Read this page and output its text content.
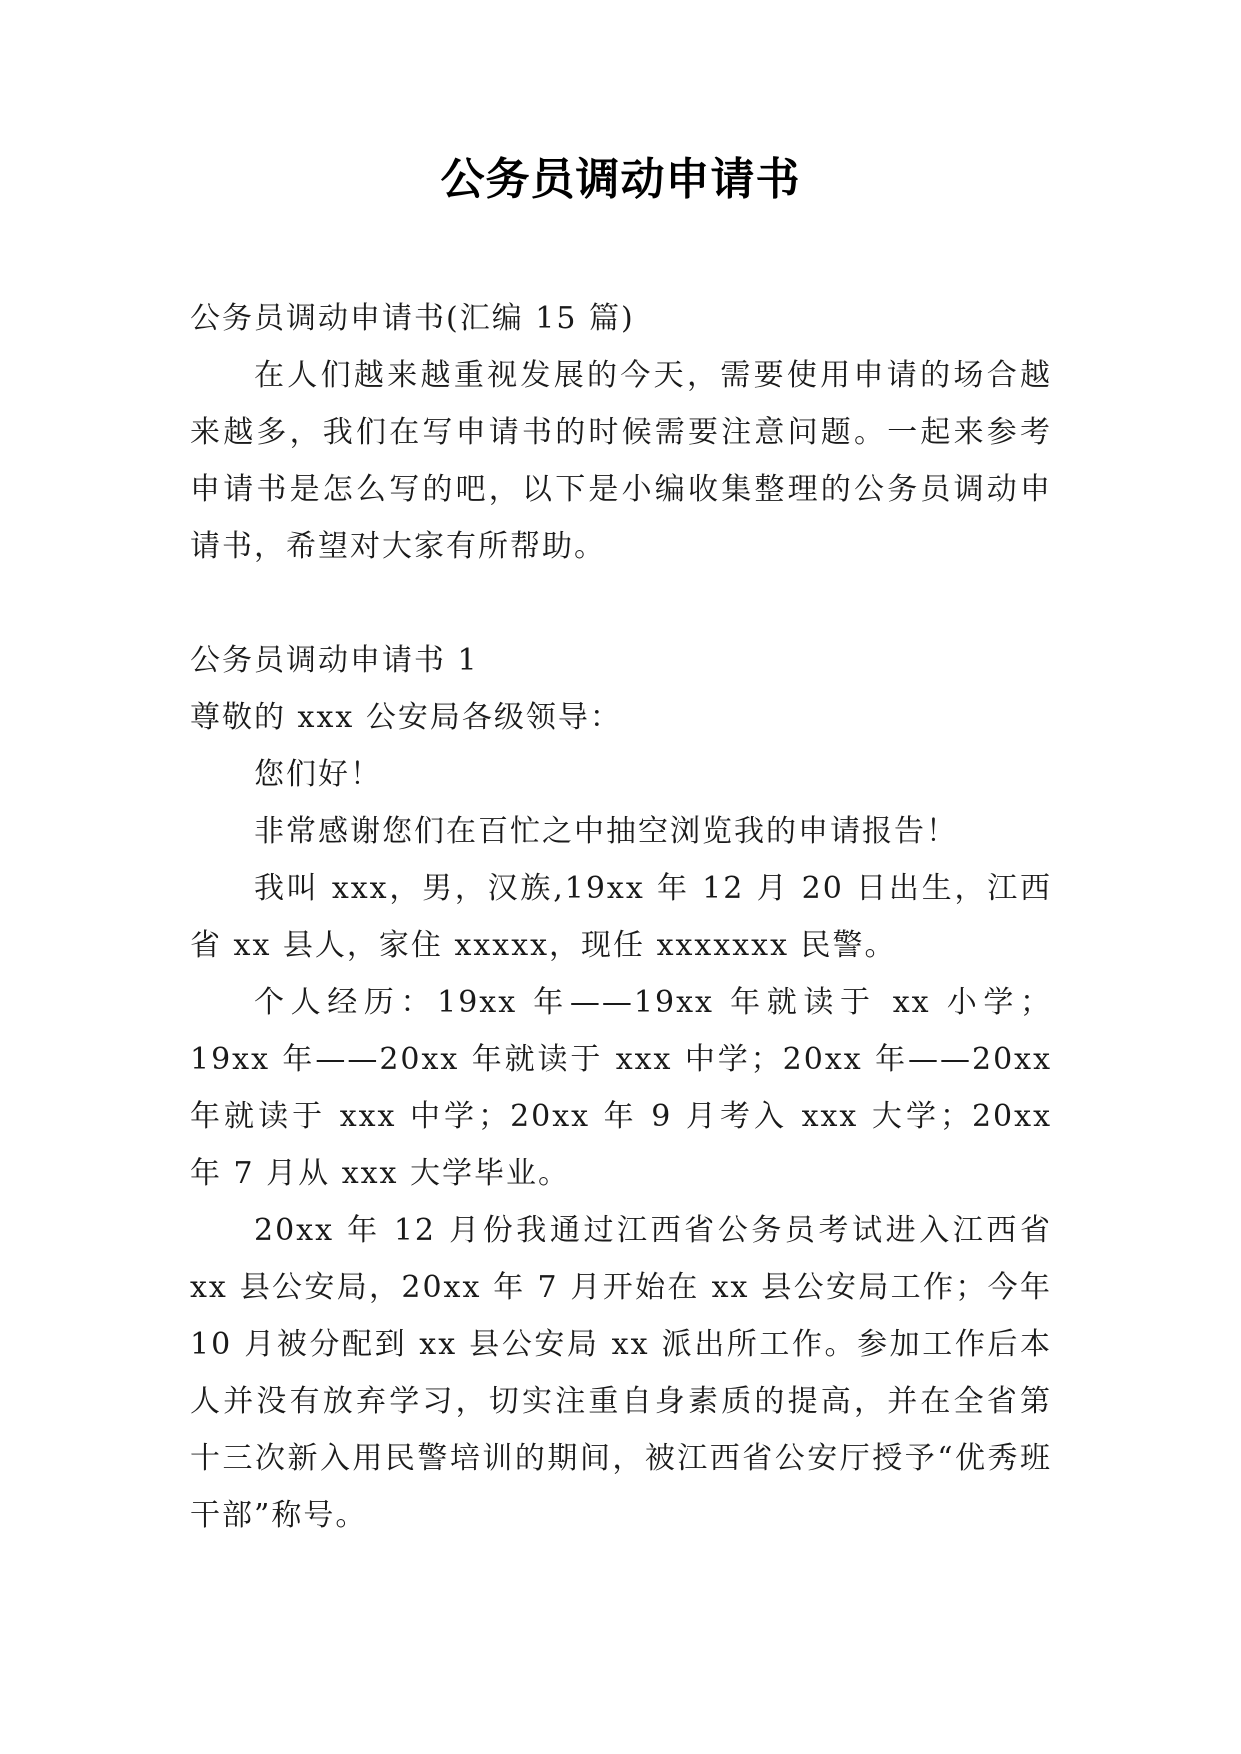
公务员调动申请书

公务员调动申请书(汇编 15 篇)

在人们越来越重视发展的今天，需要使用申请的场合越来越多，我们在写申请书的时候需要注意问题。一起来参考申请书是怎么写的吧，以下是小编收集整理的公务员调动申请书，希望对大家有所帮助。

公务员调动申请书 1

尊敬的 xxx 公安局各级领导：

您们好！

非常感谢您们在百忙之中抽空浏览我的申请报告！

我叫 xxx，男，汉族,19xx 年 12 月 20 日出生，江西省 xx 县人，家住 xxxxx，现任 xxxxxxx 民警。

个人经历：19xx 年——19xx 年就读于 xx 小学；19xx 年——20xx 年就读于 xxx 中学；20xx 年——20xx 年就读于 xxx 中学；20xx 年 9 月考入 xxx 大学；20xx 年 7 月从 xxx 大学毕业。

20xx 年 12 月份我通过江西省公务员考试进入江西省 xx 县公安局，20xx 年 7 月开始在 xx 县公安局工作；今年 10 月被分配到 xx 县公安局 xx 派出所工作。参加工作后本人并没有放弃学习，切实注重自身素质的提高，并在全省第十三次新入用民警培训的期间，被江西省公安厅授予“优秀班干部”称号。
